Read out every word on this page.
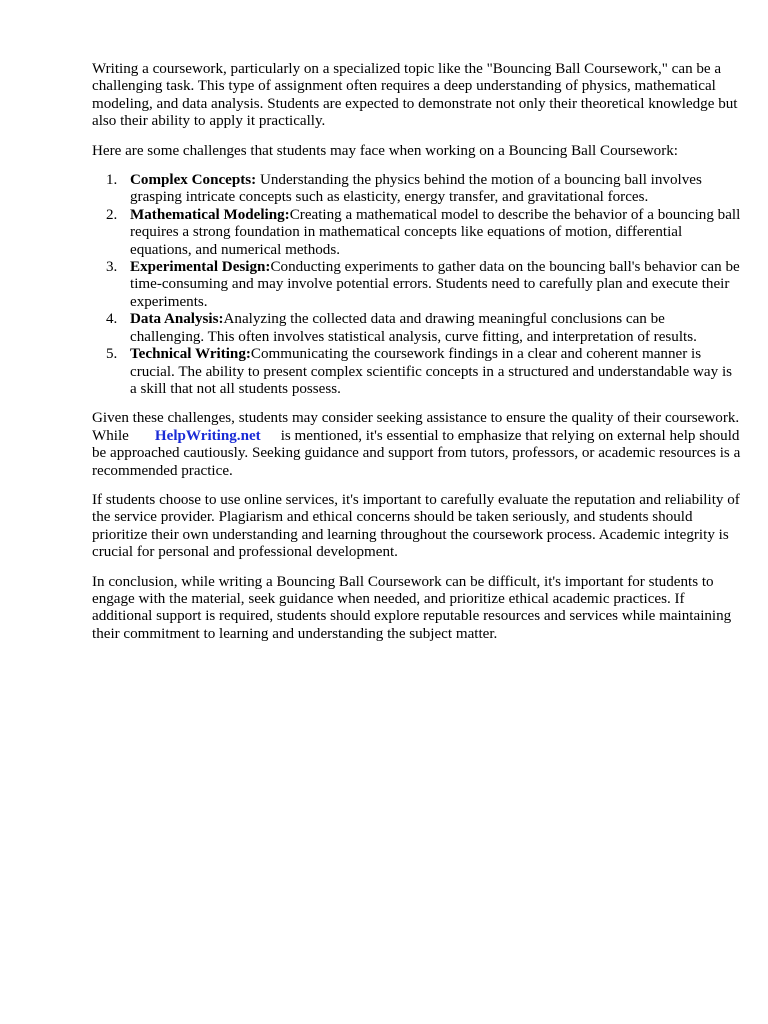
Writing a coursework, particularly on a specialized topic like the "Bouncing Ball Coursework," can be a challenging task. This type of assignment often requires a deep understanding of physics, mathematical modeling, and data analysis. Students are expected to demonstrate not only their theoretical knowledge but also their ability to apply it practically.

Here are some challenges that students may face when working on a Bouncing Ball Coursework:

1. Complex Concepts: Understanding the physics behind the motion of a bouncing ball involves grasping intricate concepts such as elasticity, energy transfer, and gravitational forces.
2. Mathematical Modeling:Creating a mathematical model to describe the behavior of a bouncing ball requires a strong foundation in mathematical concepts like equations of motion, differential equations, and numerical methods.
3. Experimental Design:Conducting experiments to gather data on the bouncing ball's behavior can be time-consuming and may involve potential errors. Students need to carefully plan and execute their experiments.
4. Data Analysis:Analyzing the collected data and drawing meaningful conclusions can be challenging. This often involves statistical analysis, curve fitting, and interpretation of results.
5. Technical Writing:Communicating the coursework findings in a clear and coherent manner is crucial. The ability to present complex scientific concepts in a structured and understandable way is a skill that not all students possess.

Given these challenges, students may consider seeking assistance to ensure the quality of their coursework. While HelpWriting.net is mentioned, it's essential to emphasize that relying on external help should be approached cautiously. Seeking guidance and support from tutors, professors, or academic resources is a recommended practice.

If students choose to use online services, it's important to carefully evaluate the reputation and reliability of the service provider. Plagiarism and ethical concerns should be taken seriously, and students should prioritize their own understanding and learning throughout the coursework process. Academic integrity is crucial for personal and professional development.

In conclusion, while writing a Bouncing Ball Coursework can be difficult, it's important for students to engage with the material, seek guidance when needed, and prioritize ethical academic practices. If additional support is required, students should explore reputable resources and services while maintaining their commitment to learning and understanding the subject matter.
